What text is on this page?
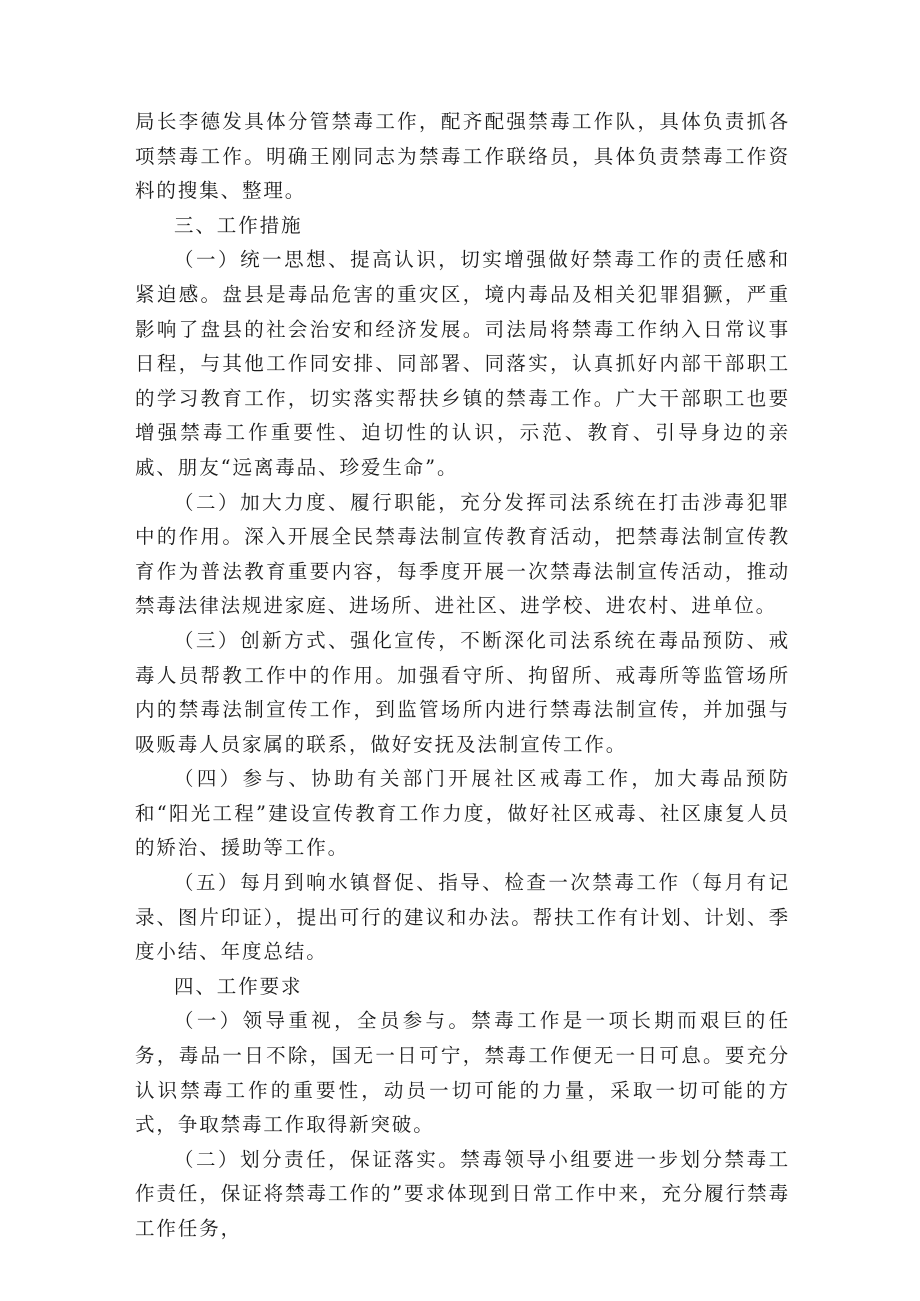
局长李德发具体分管禁毒工作，配齐配强禁毒工作队，具体负责抓各项禁毒工作。明确王刚同志为禁毒工作联络员，具体负责禁毒工作资料的搜集、整理。

三、工作措施

（一）统一思想、提高认识，切实增强做好禁毒工作的责任感和紧迫感。盘县是毒品危害的重灾区，境内毒品及相关犯罪猖獗，严重影响了盘县的社会治安和经济发展。司法局将禁毒工作纳入日常议事日程，与其他工作同安排、同部署、同落实，认真抓好内部干部职工的学习教育工作，切实落实帮扶乡镇的禁毒工作。广大干部职工也要增强禁毒工作重要性、迫切性的认识，示范、教育、引导身边的亲戚、朋友“远离毒品、珍爱生命”。

（二）加大力度、履行职能，充分发挥司法系统在打击涉毒犯罪中的作用。深入开展全民禁毒法制宣传教育活动，把禁毒法制宣传教育作为普法教育重要内容，每季度开展一次禁毒法制宣传活动，推动禁毒法律法规进家庭、进场所、进社区、进学校、进农村、进单位。

（三）创新方式、强化宣传，不断深化司法系统在毒品预防、戒毒人员帮教工作中的作用。加强看守所、拘留所、戒毒所等监管场所内的禁毒法制宣传工作，到监管场所内进行禁毒法制宣传，并加强与吸贩毒人员家属的联系，做好安抚及法制宣传工作。

（四）参与、协助有关部门开展社区戒毒工作，加大毒品预防和“阳光工程”建设宣传教育工作力度，做好社区戒毒、社区康复人员的矫治、援助等工作。

（五）每月到响水镇督促、指导、检查一次禁毒工作（每月有记录、图片印证），提出可行的建议和办法。帮扶工作有计划、计划、季度小结、年度总结。

四、工作要求

（一）领导重视，全员参与。禁毒工作是一项长期而艰巨的任务，毒品一日不除，国无一日可宁，禁毒工作便无一日可息。要充分认识禁毒工作的重要性，动员一切可能的力量，采取一切可能的方式，争取禁毒工作取得新突破。

（二）划分责任，保证落实。禁毒领导小组要进一步划分禁毒工作责任，保证将禁毒工作的”要求体现到日常工作中来，充分履行禁毒工作任务，
